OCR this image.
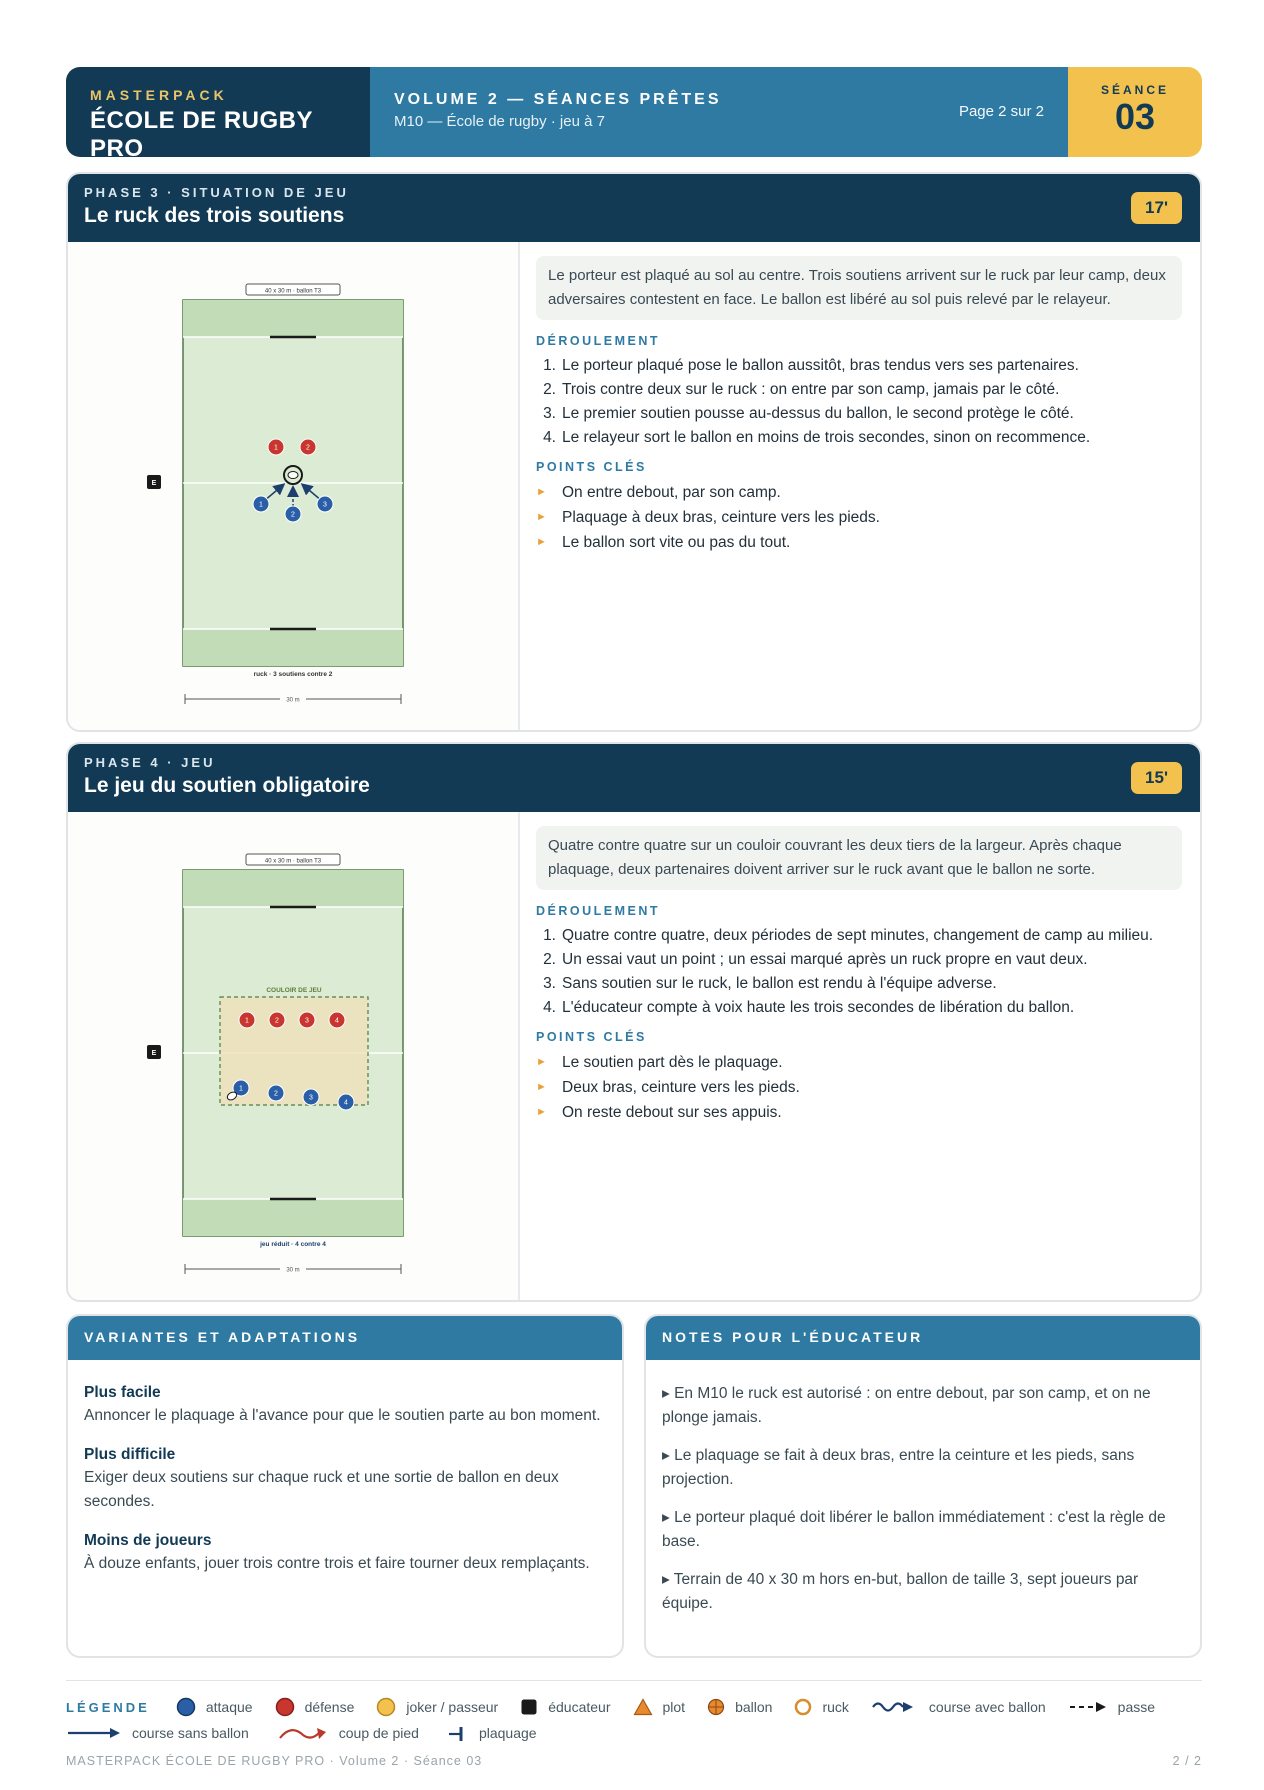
MASTERPACK
ÉCOLE DE RUGBY PRO
VOLUME 2 — SÉANCES PRÊTES
M10 — École de rugby · jeu à 7
Page 2 sur 2
SÉANCE
03
PHASE 3 · SITUATION DE JEU
Le ruck des trois soutiens	17'
40 x 30 m · ballon T3
E
1	2
1
2
3
ruck · 3 soutiens contre 2
30 m
Le porteur est plaqué au sol au centre. Trois soutiens arrivent sur le ruck par leur camp, deux adversaires contestent en face. Le ballon est libéré au sol puis relevé par le relayeur.
DÉROULEMENT
1. Le porteur plaqué pose le ballon aussitôt, bras tendus vers ses partenaires.
2. Trois contre deux sur le ruck : on entre par son camp, jamais par le côté.
3. Le premier soutien pousse au-dessus du ballon, le second protège le côté.
4. Le relayeur sort le ballon en moins de trois secondes, sinon on recommence.
POINTS CLÉS
► On entre debout, par son camp.
► Plaquage à deux bras, ceinture vers les pieds.
► Le ballon sort vite ou pas du tout.
PHASE 4 · JEU
Le jeu du soutien obligatoire	15'
40 x 30 m · ballon T3
E
COULOIR DE JEU
1	2	3	4
1
2
3
4
jeu réduit · 4 contre 4
30 m
Quatre contre quatre sur un couloir couvrant les deux tiers de la largeur. Après chaque plaquage, deux partenaires doivent arriver sur le ruck avant que le ballon ne sorte.
DÉROULEMENT
1. Quatre contre quatre, deux périodes de sept minutes, changement de camp au milieu.
2. Un essai vaut un point ; un essai marqué après un ruck propre en vaut deux.
3. Sans soutien sur le ruck, le ballon est rendu à l'équipe adverse.
4. L'éducateur compte à voix haute les trois secondes de libération du ballon.
POINTS CLÉS
► Le soutien part dès le plaquage.
► Deux bras, ceinture vers les pieds.
► On reste debout sur ses appuis.
VARIANTES ET ADAPTATIONS
Plus facile
Annoncer le plaquage à l'avance pour que le soutien parte au bon moment.
Plus difficile
Exiger deux soutiens sur chaque ruck et une sortie de ballon en deux secondes.
Moins de joueurs
À douze enfants, jouer trois contre trois et faire tourner deux remplaçants.
NOTES POUR L'ÉDUCATEUR
▸ En M10 le ruck est autorisé : on entre debout, par son camp, et on ne plonge jamais.
▸ Le plaquage se fait à deux bras, entre la ceinture et les pieds, sans projection.
▸ Le porteur plaqué doit libérer le ballon immédiatement : c'est la règle de base.
▸ Terrain de 40 x 30 m hors en-but, ballon de taille 3, sept joueurs par équipe.
LÉGENDE	attaque	défense	joker / passeur	éducateur	plot	ballon	ruck	course avec ballon	passe
course sans ballon	coup de pied	plaquage
MASTERPACK ÉCOLE DE RUGBY PRO · Volume 2 · Séance 03	2 / 2
